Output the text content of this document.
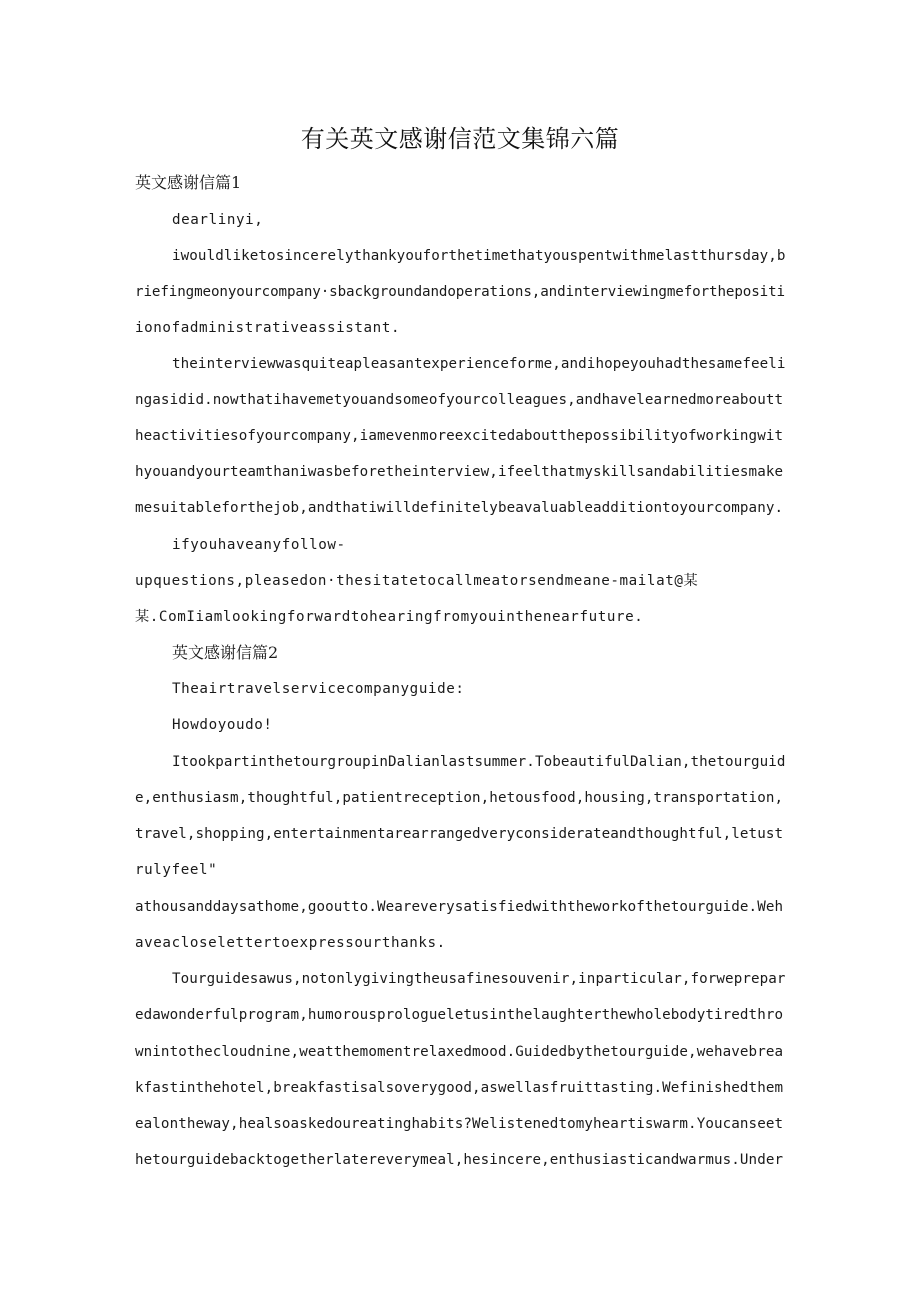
有关英文感谢信范文集锦六篇
英文感谢信篇1
dearlinyi,
iwouldliketosincerelythankyouforthetimethatyouspentwithmelastthursday,b
riefingmeonyourcompany·sbackgroundandoperations,andinterviewingmeforthepositi
ionofadministrativeassistant.
theinterviewwasquiteapleasantexperienceforme,andihopeyouhadthesamefeeli
ngasidid.nowthatihavemetyouandsomeofyourcolleagues,andhavelearnedmoreaboutt
heactivitiesofyourcompany,iamevenmoreexcitedaboutthepossibilityofworkingwit
hyouandyourteamthaniwasbeforetheinterview,ifeelthatmyskillsandabilitiesmake
mesuitableforthejob,andthatiwilldefinitelybeavaluableadditiontoyourcompany.
ifyouhaveanyfollow-
upquestions,pleasedon·thesitatetocallmeatorsendmeane-mailat@某
某.ComIiamlookingforwardtohearingfromyouinthenearfuture.
英文感谢信篇2
Theairtravelservicecompanyguide:
Howdoyoudo!
ItookpartinthetourgroupinDalianlastsummer.TobeautifulDalian,thetourguid
e,enthusiasm,thoughtful,patientreception,hetousfood,housing,transportation,
travel,shopping,entertainmentarearrangedveryconsiderateandthoughtful,letust
rulyfeel"
athousanddaysathome,goouttо.Weareverysatisfiedwiththeworkofthetourguide.Weh
aveacloselettertoexpressourthanks.
Tourguidesawus,notonlygivingtheusafinesouvenir,inparticular,forweprepar
edawonderfulprogram,humorousprologueletusinthelaughterthewholebodytiredthro
wnintothecloudnine,weatthemomentrelaxedmood.Guidedbythetourguide,wehavebrea
kfastinthehotel,breakfastisalsoverygood,aswellasfruittasting.Wefinishedthem
ealontheway,healsoaskedoureatinghabits?Welistenedtomyheartiswarm.Youcanseet
hetourguidebacktogetherlatereverymeal,hesincere,enthusiasticandwarmus.Under
